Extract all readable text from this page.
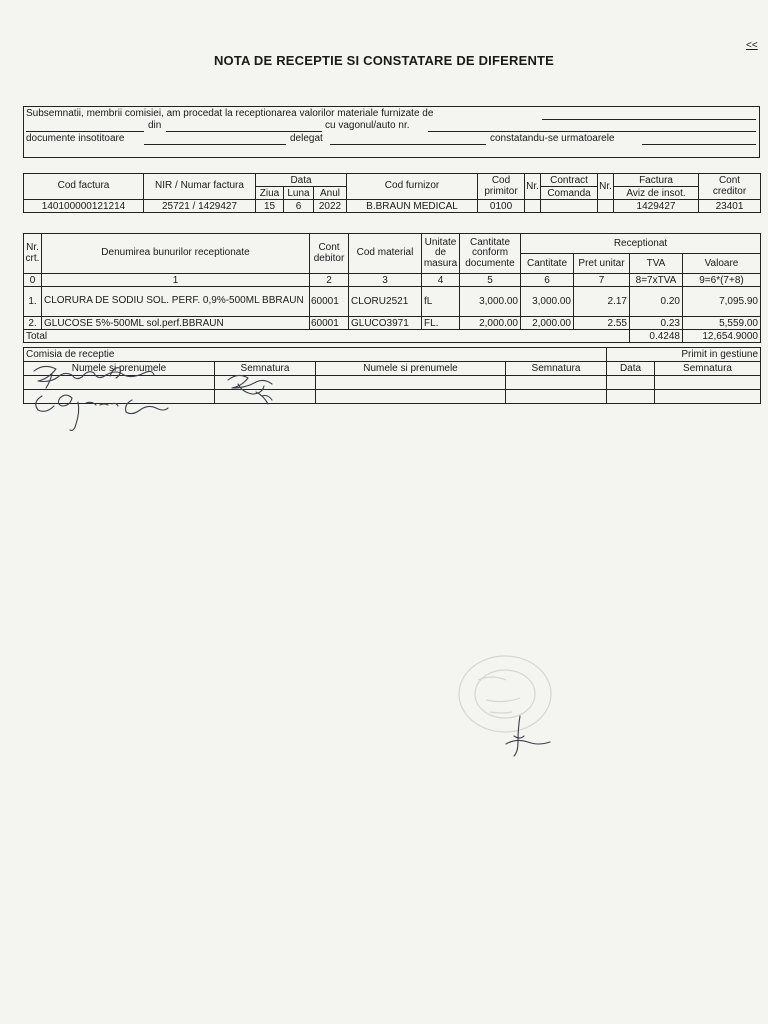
<<
NOTA DE RECEPTIE SI CONSTATARE DE DIFERENTE
Subsemnatii, membrii comisiei, am procedat la receptionarea valorilor materiale furnizate de
din	cu vagonul/auto nr.
documente insotitoare	delegat	constatandu-se urmatoarele
Cod factura	NIR / Numar factura	Data			Cod furnizor	Cod primitor	Nr.	Contract	Nr.	Factura	Cont creditor
		Ziua	Luna	Anul				Comanda		Aviz de insot.	
140100000121214	25721 / 1429427	15	6	2022	B.BRAUN MEDICAL	0100				1429427	23401
Nr. crt.	Denumirea bunurilor receptionate	Cont debitor	Cod material	Unitate de masura	Cantitate conform documente	Receptionat			
						Cantitate	Pret unitar	TVA	Valoare
0	1	2	3	4	5	6	7	8=7xTVA	9=6*(7+8)
1.	CLORURA DE SODIU SOL. PERF. 0,9%-500ML BBRAUN	60001	CLORU2521	fL	3,000.00	3,000.00	2.17	0.20	7,095.90
2.	GLUCOSE 5%-500ML sol.perf.BBRAUN	60001	GLUCO3971	FL.	2,000.00	2,000.00	2.55	0.23	5,559.00
Total								0.4248	12,654.9000
Comisia de receptie				Primit in gestiune	
Numele si prenumele	Semnatura	Numele si prenumele	Semnatura	Data	Semnatura
